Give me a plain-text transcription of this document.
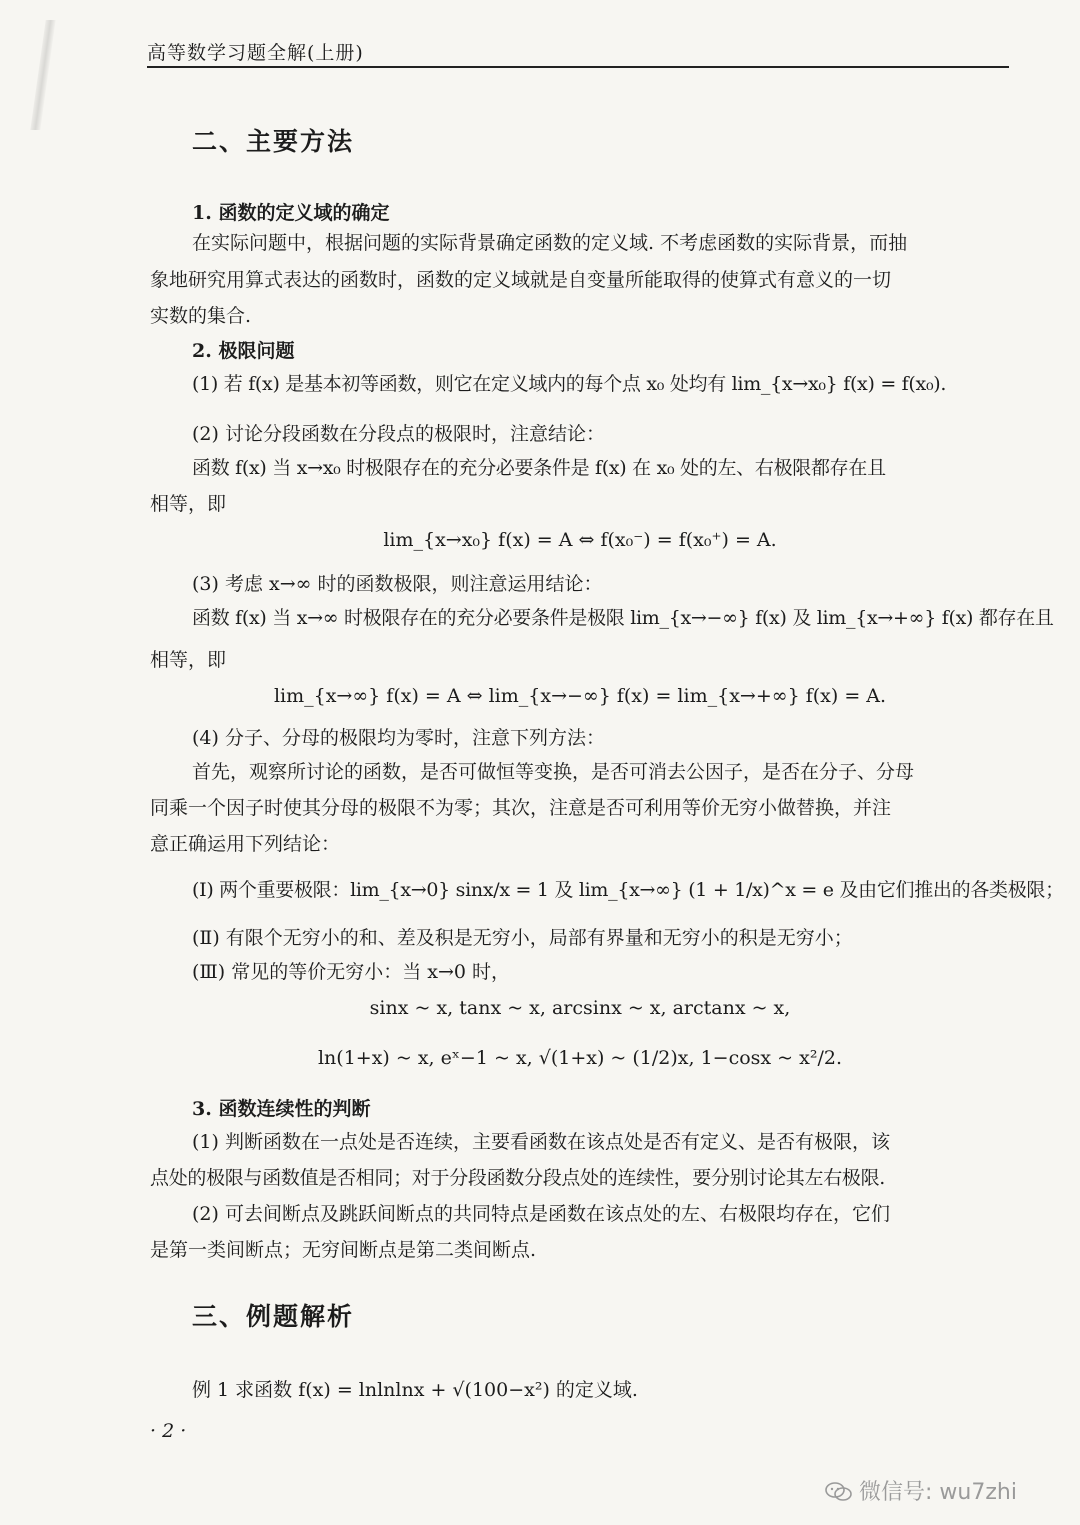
高等数学习题全解(上册)
二、主要方法
1. 函数的定义域的确定
在实际问题中，根据问题的实际背景确定函数的定义域. 不考虑函数的实际背景，而抽
象地研究用算式表达的函数时，函数的定义域就是自变量所能取得的使算式有意义的一切
实数的集合.
2. 极限问题
(1) 若 f(x) 是基本初等函数，则它在定义域内的每个点 x₀ 处均有 lim_{x→x₀} f(x) = f(x₀).
(2) 讨论分段函数在分段点的极限时，注意结论：
函数 f(x) 当 x→x₀ 时极限存在的充分必要条件是 f(x) 在 x₀ 处的左、右极限都存在且
相等，即
lim_{x→x₀} f(x) = A ⇔ f(x₀⁻) = f(x₀⁺) = A.
(3) 考虑 x→∞ 时的函数极限，则注意运用结论：
函数 f(x) 当 x→∞ 时极限存在的充分必要条件是极限 lim_{x→−∞} f(x) 及 lim_{x→+∞} f(x) 都存在且
相等，即
lim_{x→∞} f(x) = A ⇔ lim_{x→−∞} f(x) = lim_{x→+∞} f(x) = A.
(4) 分子、分母的极限均为零时，注意下列方法：
首先，观察所讨论的函数，是否可做恒等变换，是否可消去公因子，是否在分子、分母
同乘一个因子时使其分母的极限不为零；其次，注意是否可利用等价无穷小做替换，并注
意正确运用下列结论：
(Ⅰ) 两个重要极限：lim_{x→0} sinx/x = 1 及 lim_{x→∞} (1 + 1/x)^x = e 及由它们推出的各类极限；
(Ⅱ) 有限个无穷小的和、差及积是无穷小，局部有界量和无穷小的积是无穷小；
(Ⅲ) 常见的等价无穷小：当 x→0 时，
sinx ~ x, tanx ~ x, arcsinx ~ x, arctanx ~ x,
ln(1+x) ~ x, eˣ−1 ~ x, √(1+x) ~ (1/2)x, 1−cosx ~ x²/2.
3. 函数连续性的判断
(1) 判断函数在一点处是否连续，主要看函数在该点处是否有定义、是否有极限，该
点处的极限与函数值是否相同；对于分段函数分段点处的连续性，要分别讨论其左右极限.
(2) 可去间断点及跳跃间断点的共同特点是函数在该点处的左、右极限均存在，它们
是第一类间断点；无穷间断点是第二类间断点.
三、例题解析
例 1 求函数 f(x) = lnlnlnx + √(100−x²) 的定义域.
· 2 ·
微信号: wu7zhi
